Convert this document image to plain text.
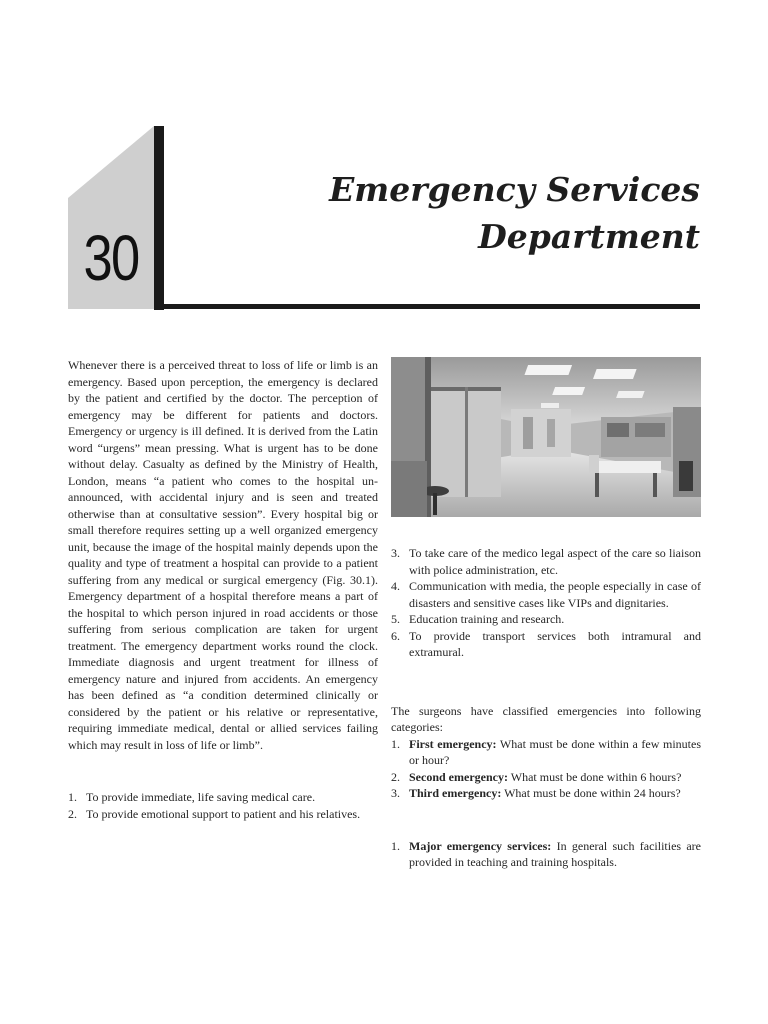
30
Emergency Services
Department

Whenever there is a perceived threat to loss of life or limb is an emergency. Based upon perception, the emergency is declared by the patient and certified by the doctor. The perception of emergency may be different for patients and doctors. Emergency or urgency is ill defined. It is derived from the Latin word “urgens” mean pressing. What is urgent has to be done without delay. Casualty as defined by the Ministry of Health, London, means “a patient who comes to the hospital un-announced, with accidental injury and is seen and treated otherwise than at consultative session”. Every hospital big or small therefore requires setting up a well organized emergency unit, because the image of the hospital mainly depends upon the quality and type of treatment a hospital can provide to a patient suffering from any medical or surgical emergency (Fig. 30.1). Emergency department of a hospital therefore means a part of the hospital to which person injured in road accidents or those suffering from serious complication are taken for urgent treatment. The emergency department works round the clock. Immediate diagnosis and urgent treatment for illness of emergency nature and injured from accidents. An emergency has been defined as “a condition determined clinically or considered by the patient or his relative or representative, requiring immediate medical, dental or allied services failing which may result in loss of life or limb”.

1. To provide immediate, life saving medical care.
2. To provide emotional support to patient and his relatives.
3. To take care of the medico legal aspect of the care so liaison with police administration, etc.
4. Communication with media, the people especially in case of disasters and sensitive cases like VIPs and dignitaries.
5. Education training and research.
6. To provide transport services both intramural and extramural.

The surgeons have classified emergencies into following categories:

1. First emergency: What must be done within a few minutes or hour?
2. Second emergency: What must be done within 6 hours?
3. Third emergency: What must be done within 24 hours?
1. Major emergency services: In general such facilities are provided in teaching and training hospitals.
